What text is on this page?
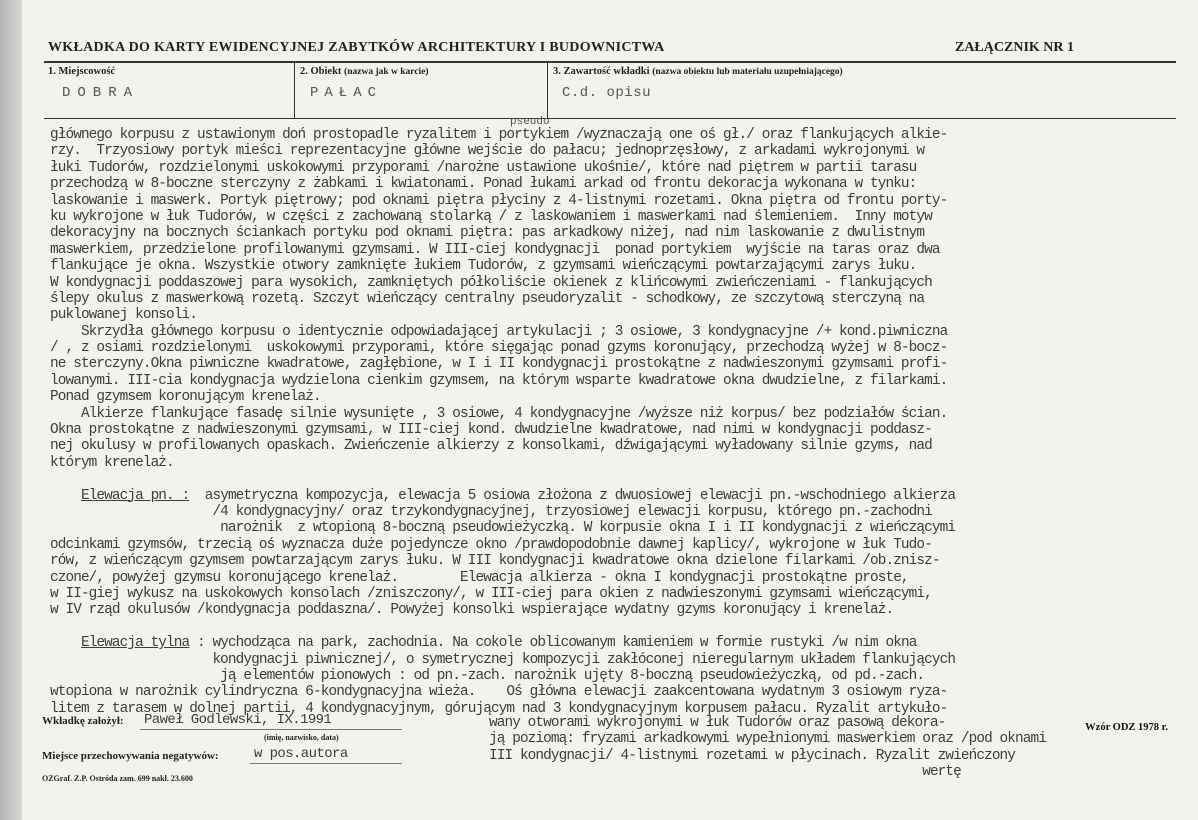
WKŁADKA DO KARTY EWIDENCYJNEJ ZABYTKÓW ARCHITEKTURY I BUDOWNICTWA	ZAŁĄCZNIK NR 1
1. Miejscowość	2. Obiekt (nazwa jak w karcie)	3. Zawartość wkładki (nazwa obiektu lub materiału uzupełniającego)
DOBRA	PAŁAC	C.d. opisu
pseudo
głównego korpusu z ustawionym doń prostopadle ryzalitem i portykiem /wyznaczają one oś gł./ oraz flankujących alkie-
rzy.  Trzyosiowy portyk mieści reprezentacyjne główne wejście do pałacu; jednoprzęsłowy, z arkadami wykrojonymi w
łuki Tudorów, rozdzielonymi uskokowymi przyporami /narożne ustawione ukośnie/, które nad piętrem w partii tarasu
przechodzą w 8-boczne sterczyny z żabkami i kwiatonami. Ponad łukami arkad od frontu dekoracja wykonana w tynku:
laskowanie i maswerk. Portyk piętrowy; pod oknami piętra płyciny z 4-listnymi rozetami. Okna piętra od frontu porty-
ku wykrojone w łuk Tudorów, w części z zachowaną stolarką / z laskowaniem i maswerkami nad ślemieniem.  Inny motyw
dekoracyjny na bocznych ściankach portyku pod oknami piętra: pas arkadkowy niżej, nad nim laskowanie z dwulistnym
maswerkiem, przedzielone profilowanymi gzymsami. W III-ciej kondygnacji  ponad portykiem  wyjście na taras oraz dwa
flankujące je okna. Wszystkie otwory zamknięte łukiem Tudorów, z gzymsami wieńczącymi powtarzającymi zarys łuku.
W kondygnacji poddaszowej para wysokich, zamkniętych półkoliście okienek z klińcowymi zwieńczeniami - flankujących
ślepy okulus z maswerkową rozetą. Szczyt wieńczący centralny pseudoryzalit - schodkowy, ze szczytową sterczyną na
puklowanej konsoli.
Skrzydła głównego korpusu o identycznie odpowiadającej artykulacji ; 3 osiowe, 3 kondygnacyjne /+ kond.piwniczna
/ , z osiami rozdzielonymi  uskokowymi przyporami, które sięgając ponad gzyms koronujący, przechodzą wyżej w 8-bocz-
ne sterczyny.Okna piwniczne kwadratowe, zagłębione, w I i II kondygnacji prostokątne z nadwieszonymi gzymsami profi-
lowanymi. III-cia kondygnacja wydzielona cienkim gzymsem, na którym wsparte kwadratowe okna dwudzielne, z filarkami.
Ponad gzymsem koronującym krenelaż.
Alkierze flankujące fasadę silnie wysunięte , 3 osiowe, 4 kondygnacyjne /wyższe niż korpus/ bez podziałów ścian.
Okna prostokątne z nadwieszonymi gzymsami, w III-ciej kond. dwudzielne kwadratowe, nad nimi w kondygnacji poddasz-
nej okulusy w profilowanych opaskach. Zwieńczenie alkierzy z konsolkami, dźwigającymi wyładowany silnie gzyms, nad
którym krenelaż.
Elewacja pn. :  asymetryczna kompozycja, elewacja 5 osiowa złożona z dwuosiowej elewacji pn.-wschodniego alkierza
/4 kondygnacyjny/ oraz trzykondygnacyjnej, trzyosiowej elewacji korpusu, którego pn.-zachodni
narożnik  z wtopioną 8-boczną pseudowieżyczką. W korpusie okna I i II kondygnacji z wieńczącymi
odcinkami gzymsów, trzecią oś wyznacza duże pojedyncze okno /prawdopodobnie dawnej kaplicy/, wykrojone w łuk Tudo-
rów, z wieńczącym gzymsem powtarzającym zarys łuku. W III kondygnacji kwadratowe okna dzielone filarkami /ob.znisz-
czone/, powyżej gzymsu koronującego krenelaż.        Elewacja alkierza - okna I kondygnacji prostokątne proste,
w II-giej wykusz na uskokowych konsolach /zniszczony/, w III-ciej para okien z nadwieszonymi gzymsami wieńczącymi,
w IV rząd okulusów /kondygnacja poddaszna/. Powyżej konsolki wspierające wydatny gzyms koronujący i krenelaż.
Elewacja tylna : wychodząca na park, zachodnia. Na cokole oblicowanym kamieniem w formie rustyki /w nim okna
kondygnacji piwnicznej/, o symetrycznej kompozycji zakłóconej nieregularnym układem flankujących
ją elementów pionowych : od pn.-zach. narożnik ujęty 8-boczną pseudowieżyczką, od pd.-zach.
wtopiona w narożnik cylindryczna 6-kondygnacyjna wieża.    Oś główna elewacji zaakcentowana wydatnym 3 osiowym ryza-
litem z tarasem w dolnej partii, 4 kondygnacyjnym, górującym nad 3 kondygnacyjnym korpusem pałacu. Ryzalit artykuło-
Wkładkę założył: Paweł Godlewski, IX.1991
(imię, nazwisko, data)
Miejsce przechowywania negatywów:	w pos.autora
OZGraf. Z.P. Ostróda zam. 699 nakł. 23.600
wany otworami wykrojonymi w łuk Tudorów oraz pasową dekora-
ją poziomą: fryzami arkadkowymi wypełnionymi maswerkiem oraz /pod oknami
III kondygnacji/ 4-listnymi rozetami w płycinach. Ryzalit zwieńczony
wertę
Wzór ODZ 1978 r.
